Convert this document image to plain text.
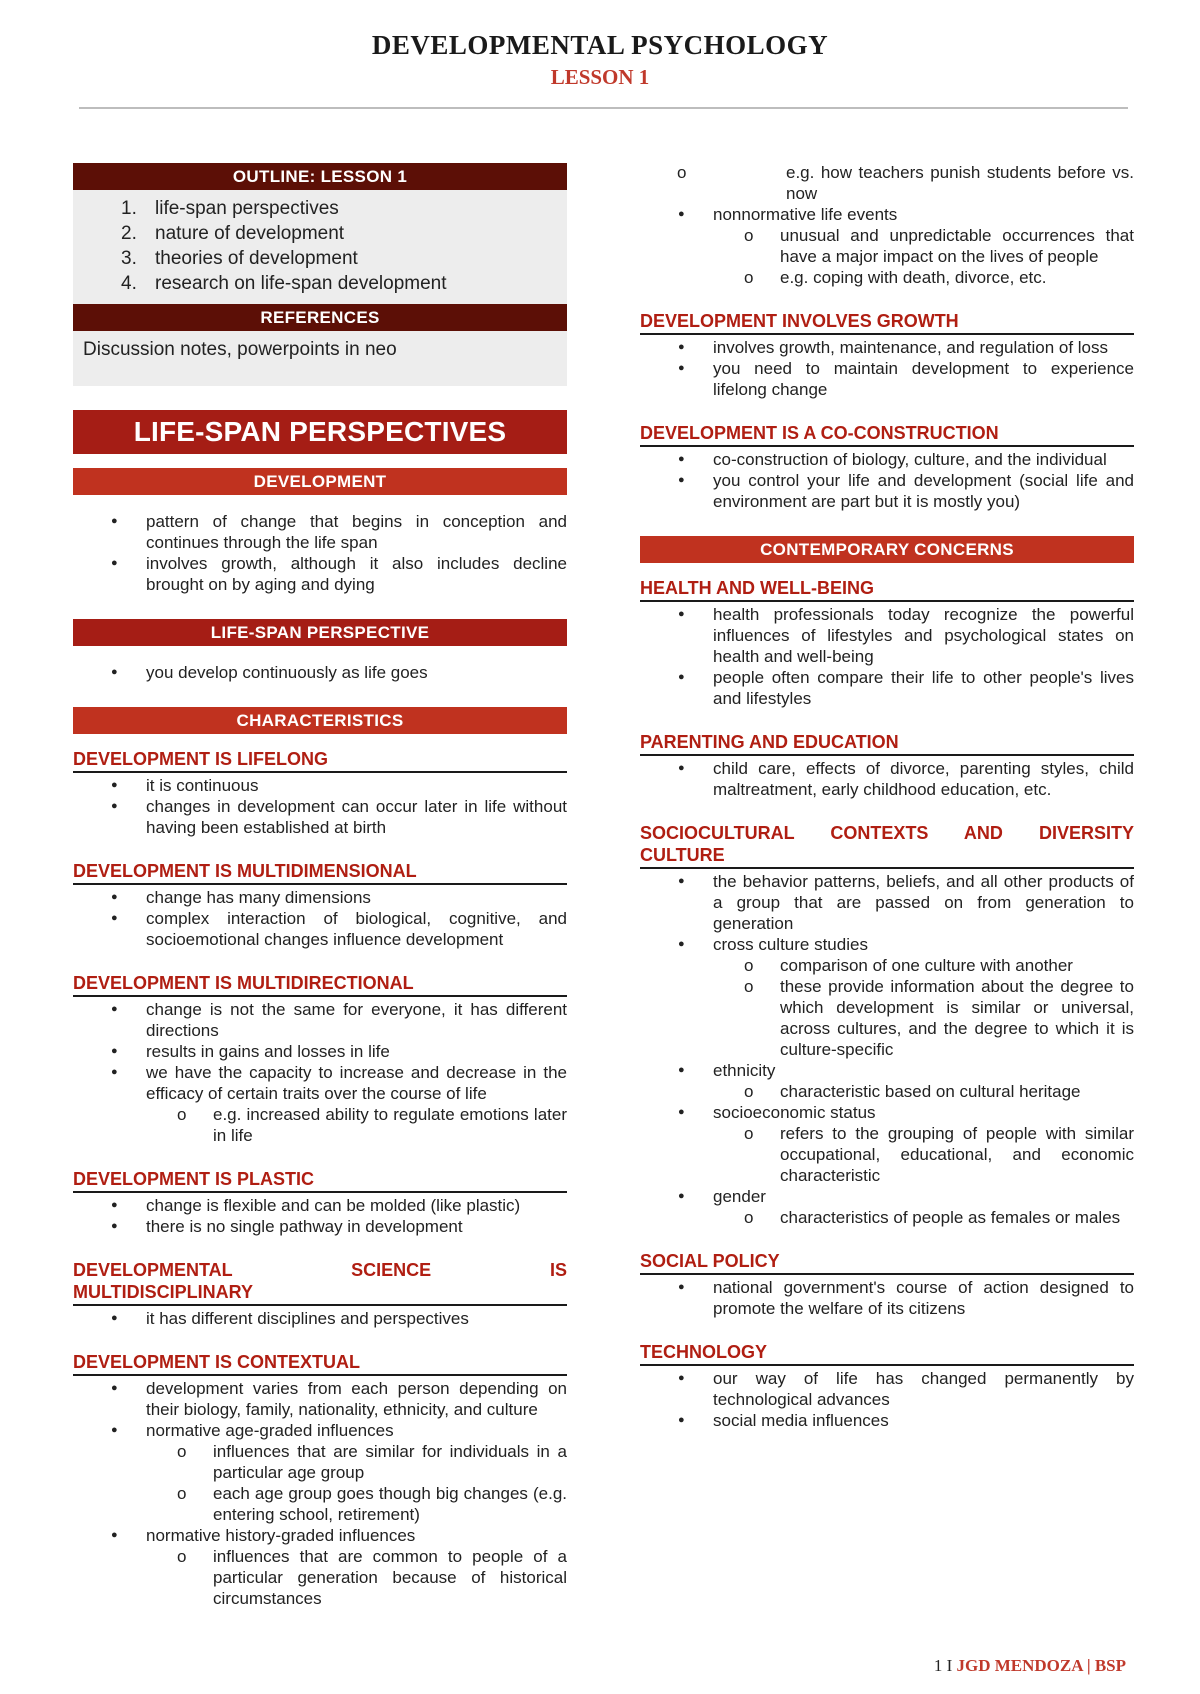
DEVELOPMENTAL PSYCHOLOGY
LESSON 1
OUTLINE: LESSON 1
life-span perspectives
nature of development
theories of development
research on life-span development
REFERENCES
Discussion notes, powerpoints in neo
LIFE-SPAN PERSPECTIVES
DEVELOPMENT
● pattern of change that begins in conception and continues through the life span
● involves growth, although it also includes decline brought on by aging and dying
LIFE-SPAN PERSPECTIVE
● you develop continuously as life goes
CHARACTERISTICS
DEVELOPMENT IS LIFELONG
● it is continuous
● changes in development can occur later in life without having been established at birth
DEVELOPMENT IS MULTIDIMENSIONAL
● change has many dimensions
● complex interaction of biological, cognitive, and socioemotional changes influence development
DEVELOPMENT IS MULTIDIRECTIONAL
● change is not the same for everyone, it has different directions
● results in gains and losses in life
● we have the capacity to increase and decrease in the efficacy of certain traits over the course of life
o e.g. increased ability to regulate emotions later in life
DEVELOPMENT IS PLASTIC
● change is flexible and can be molded (like plastic)
● there is no single pathway in development
DEVELOPMENTAL SCIENCE IS
MULTIDISCIPLINARY
● it has different disciplines and perspectives
DEVELOPMENT IS CONTEXTUAL
● development varies from each person depending on their biology, family, nationality, ethnicity, and culture
● normative age-graded influences
o influences that are similar for individuals in a particular age group
o each age group goes though big changes (e.g. entering school, retirement)
● normative history-graded influences
o influences that are common to people of a particular generation because of historical circumstances
o e.g. how teachers punish students before vs. now
● nonnormative life events
o unusual and unpredictable occurrences that have a major impact on the lives of people
o e.g. coping with death, divorce, etc.
DEVELOPMENT INVOLVES GROWTH
● involves growth, maintenance, and regulation of loss
● you need to maintain development to experience lifelong change
DEVELOPMENT IS A CO-CONSTRUCTION
● co-construction of biology, culture, and the individual
● you control your life and development (social life and environment are part but it is mostly you)
CONTEMPORARY CONCERNS
HEALTH AND WELL-BEING
● health professionals today recognize the powerful influences of lifestyles and psychological states on health and well-being
● people often compare their life to other people's lives and lifestyles
PARENTING AND EDUCATION
● child care, effects of divorce, parenting styles, child maltreatment, early childhood education, etc.
SOCIOCULTURAL CONTEXTS AND DIVERSITY
CULTURE
● the behavior patterns, beliefs, and all other products of a group that are passed on from generation to generation
● cross culture studies
o comparison of one culture with another
o these provide information about the degree to which development is similar or universal, across cultures, and the degree to which it is culture-specific
● ethnicity
o characteristic based on cultural heritage
● socioeconomic status
o refers to the grouping of people with similar occupational, educational, and economic characteristic
● gender
o characteristics of people as females or males
SOCIAL POLICY
● national government's course of action designed to promote the welfare of its citizens
TECHNOLOGY
● our way of life has changed permanently by technological advances
● social media influences
1 I JGD MENDOZA | BSP
